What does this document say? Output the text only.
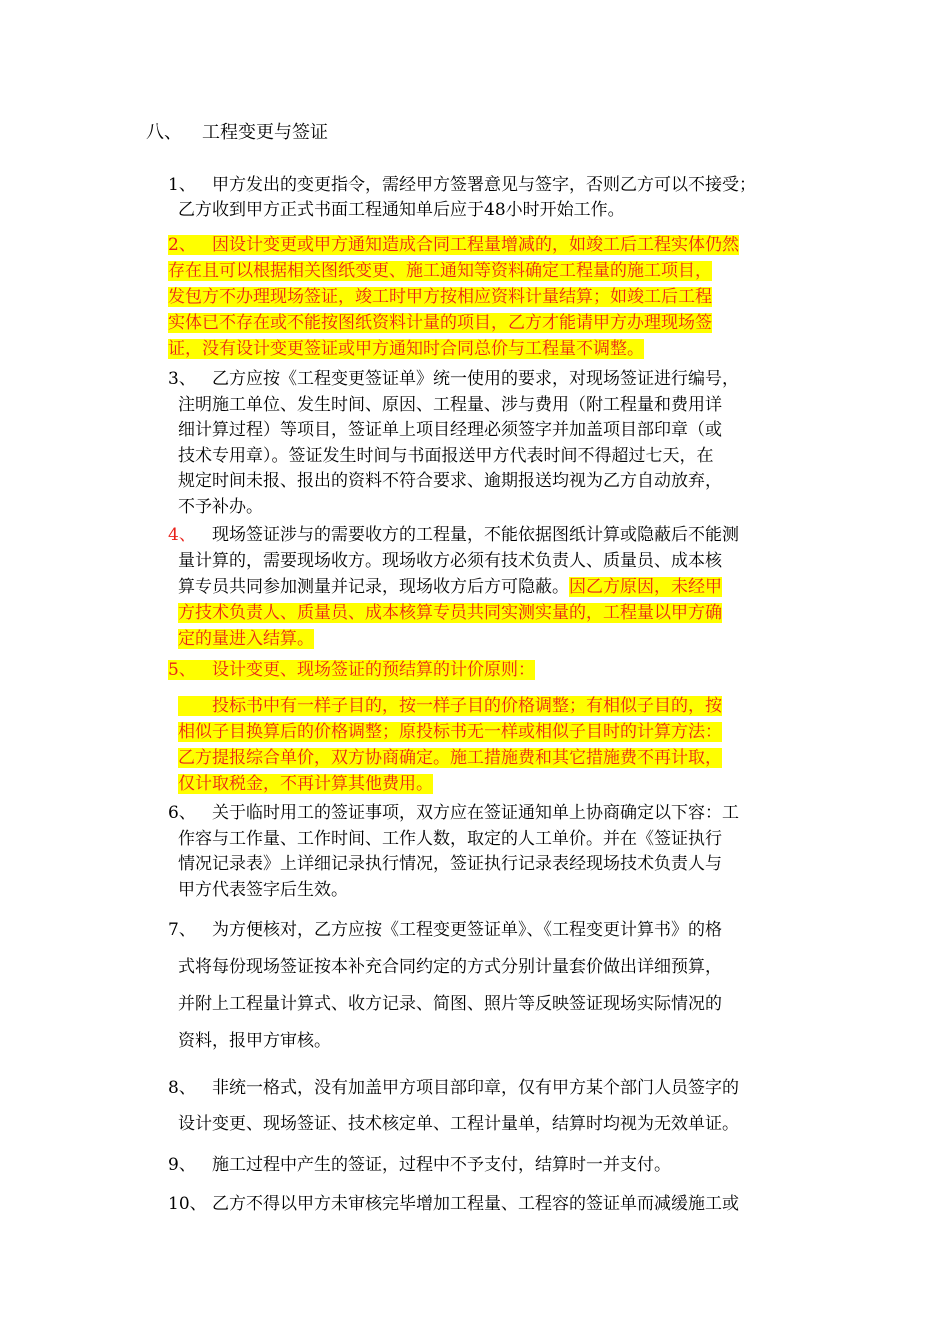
八、 工程变更与签证
1、 甲方发出的变更指令，需经甲方签署意见与签字，否则乙方可以不接受；
乙方收到甲方正式书面工程通知单后应于48小时开始工作。
2、 因设计变更或甲方通知造成合同工程量增减的，如竣工后工程实体仍然
存在且可以根据相关图纸变更、施工通知等资料确定工程量的施工项目，
发包方不办理现场签证，竣工时甲方按相应资料计量结算；如竣工后工程
实体已不存在或不能按图纸资料计量的项目，乙方才能请甲方办理现场签
证，没有设计变更签证或甲方通知时合同总价与工程量不调整。
3、 乙方应按《工程变更签证单》统一使用的要求，对现场签证进行编号，
注明施工单位、发生时间、原因、工程量、涉与费用（附工程量和费用详
细计算过程）等项目，签证单上项目经理必须签字并加盖项目部印章（或
技术专用章）。签证发生时间与书面报送甲方代表时间不得超过七天，在
规定时间未报、报出的资料不符合要求、逾期报送均视为乙方自动放弃，
不予补办。
4、 现场签证涉与的需要收方的工程量，不能依据图纸计算或隐蔽后不能测
量计算的，需要现场收方。现场收方必须有技术负责人、质量员、成本核
算专员共同参加测量并记录，现场收方后方可隐蔽。因乙方原因，未经甲
方技术负责人、质量员、成本核算专员共同实测实量的，工程量以甲方确
定的量进入结算。
5、 设计变更、现场签证的预结算的计价原则：
投标书中有一样子目的，按一样子目的价格调整；有相似子目的，按
相似子目换算后的价格调整；原投标书无一样或相似子目时的计算方法：
乙方提报综合单价，双方协商确定。施工措施费和其它措施费不再计取，
仅计取税金，不再计算其他费用。
6、 关于临时用工的签证事项，双方应在签证通知单上协商确定以下容：工
作容与工作量、工作时间、工作人数，取定的人工单价。并在《签证执行
情况记录表》上详细记录执行情况，签证执行记录表经现场技术负责人与
甲方代表签字后生效。
7、 为方便核对，乙方应按《工程变更签证单》、《工程变更计算书》的格
式将每份现场签证按本补充合同约定的方式分别计量套价做出详细预算，
并附上工程量计算式、收方记录、简图、照片等反映签证现场实际情况的
资料，报甲方审核。
8、 非统一格式，没有加盖甲方项目部印章，仅有甲方某个部门人员签字的
设计变更、现场签证、技术核定单、工程计量单，结算时均视为无效单证。
9、 施工过程中产生的签证，过程中不予支付，结算时一并支付。
10、 乙方不得以甲方未审核完毕增加工程量、工程容的签证单而减缓施工或
